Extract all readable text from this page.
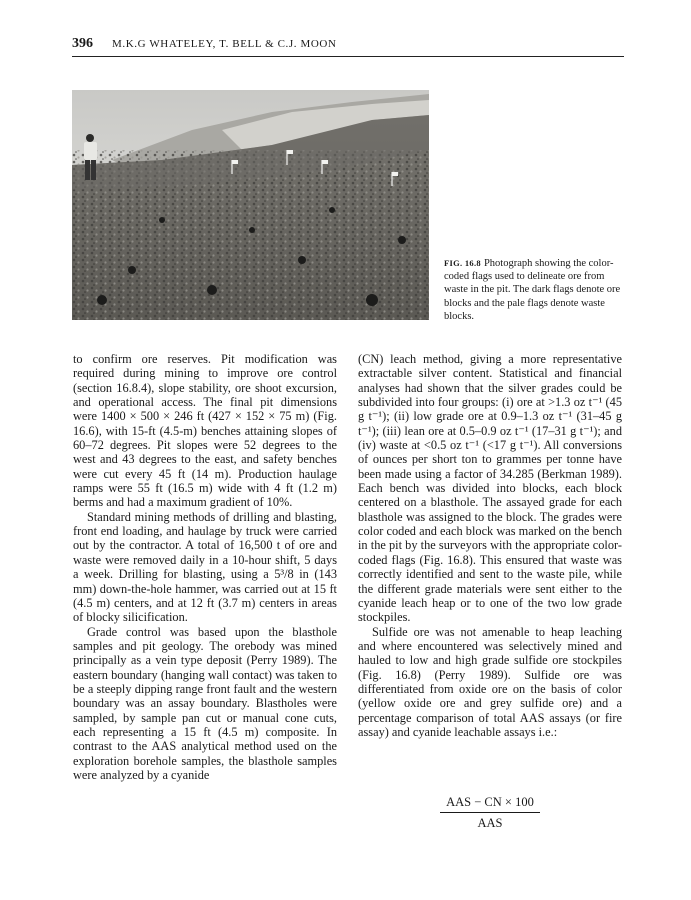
396 M.K.G WHATELEY, T. BELL & C.J. MOON
FIG. 16.8 Photograph showing the color-coded flags used to delineate ore from waste in the pit. The dark flags denote ore blocks and the pale flags denote waste blocks.

to confirm ore reserves. Pit modification was required during mining to improve ore control (section 16.8.4), slope stability, ore shoot excursion, and operational access. The final pit dimensions were 1400 × 500 × 246 ft (427 × 152 × 75 m) (Fig. 16.6), with 15-ft (4.5-m) benches attaining slopes of 60–72 degrees. Pit slopes were 52 degrees to the west and 43 degrees to the east, and safety benches were cut every 45 ft (14 m). Production haulage ramps were 55 ft (16.5 m) wide with 4 ft (1.2 m) berms and had a maximum gradient of 10%.

Standard mining methods of drilling and blasting, front end loading, and haulage by truck were carried out by the contractor. A total of 16,500 t of ore and waste were removed daily in a 10-hour shift, 5 days a week. Drilling for blasting, using a 5³/8 in (143 mm) down-the-hole hammer, was carried out at 15 ft (4.5 m) centers, and at 12 ft (3.7 m) centers in areas of blocky silicification.

Grade control was based upon the blasthole samples and pit geology. The orebody was mined principally as a vein type deposit (Perry 1989). The eastern boundary (hanging wall contact) was taken to be a steeply dipping range front fault and the western boundary was an assay boundary. Blastholes were sampled, by sample pan cut or manual cone cuts, each representing a 15 ft (4.5 m) composite. In contrast to the AAS analytical method used on the exploration borehole samples, the blasthole samples were analyzed by a cyanide

(CN) leach method, giving a more representative extractable silver content. Statistical and financial analyses had shown that the silver grades could be subdivided into four groups: (i) ore at >1.3 oz t⁻¹ (45 g t⁻¹); (ii) low grade ore at 0.9–1.3 oz t⁻¹ (31–45 g t⁻¹); (iii) lean ore at 0.5–0.9 oz t⁻¹ (17–31 g t⁻¹); and (iv) waste at <0.5 oz t⁻¹ (<17 g t⁻¹). All conversions of ounces per short ton to grammes per tonne have been made using a factor of 34.285 (Berkman 1989). Each bench was divided into blocks, each block centered on a blasthole. The assayed grade for each blasthole was assigned to the block. The grades were color coded and each block was marked on the bench in the pit by the surveyors with the appropriate color-coded flags (Fig. 16.8). This ensured that waste was correctly identified and sent to the waste pile, while the different grade materials were sent either to the cyanide leach heap or to one of the two low grade stockpiles.

Sulfide ore was not amenable to heap leaching and where encountered was selectively mined and hauled to low and high grade sulfide ore stockpiles (Fig. 16.8) (Perry 1989). Sulfide ore was differentiated from oxide ore on the basis of color (yellow oxide ore and grey sulfide ore) and a percentage comparison of total AAS assays (or fire assay) and cyanide leachable assays i.e.:

AAS − CN × 100
AAS
